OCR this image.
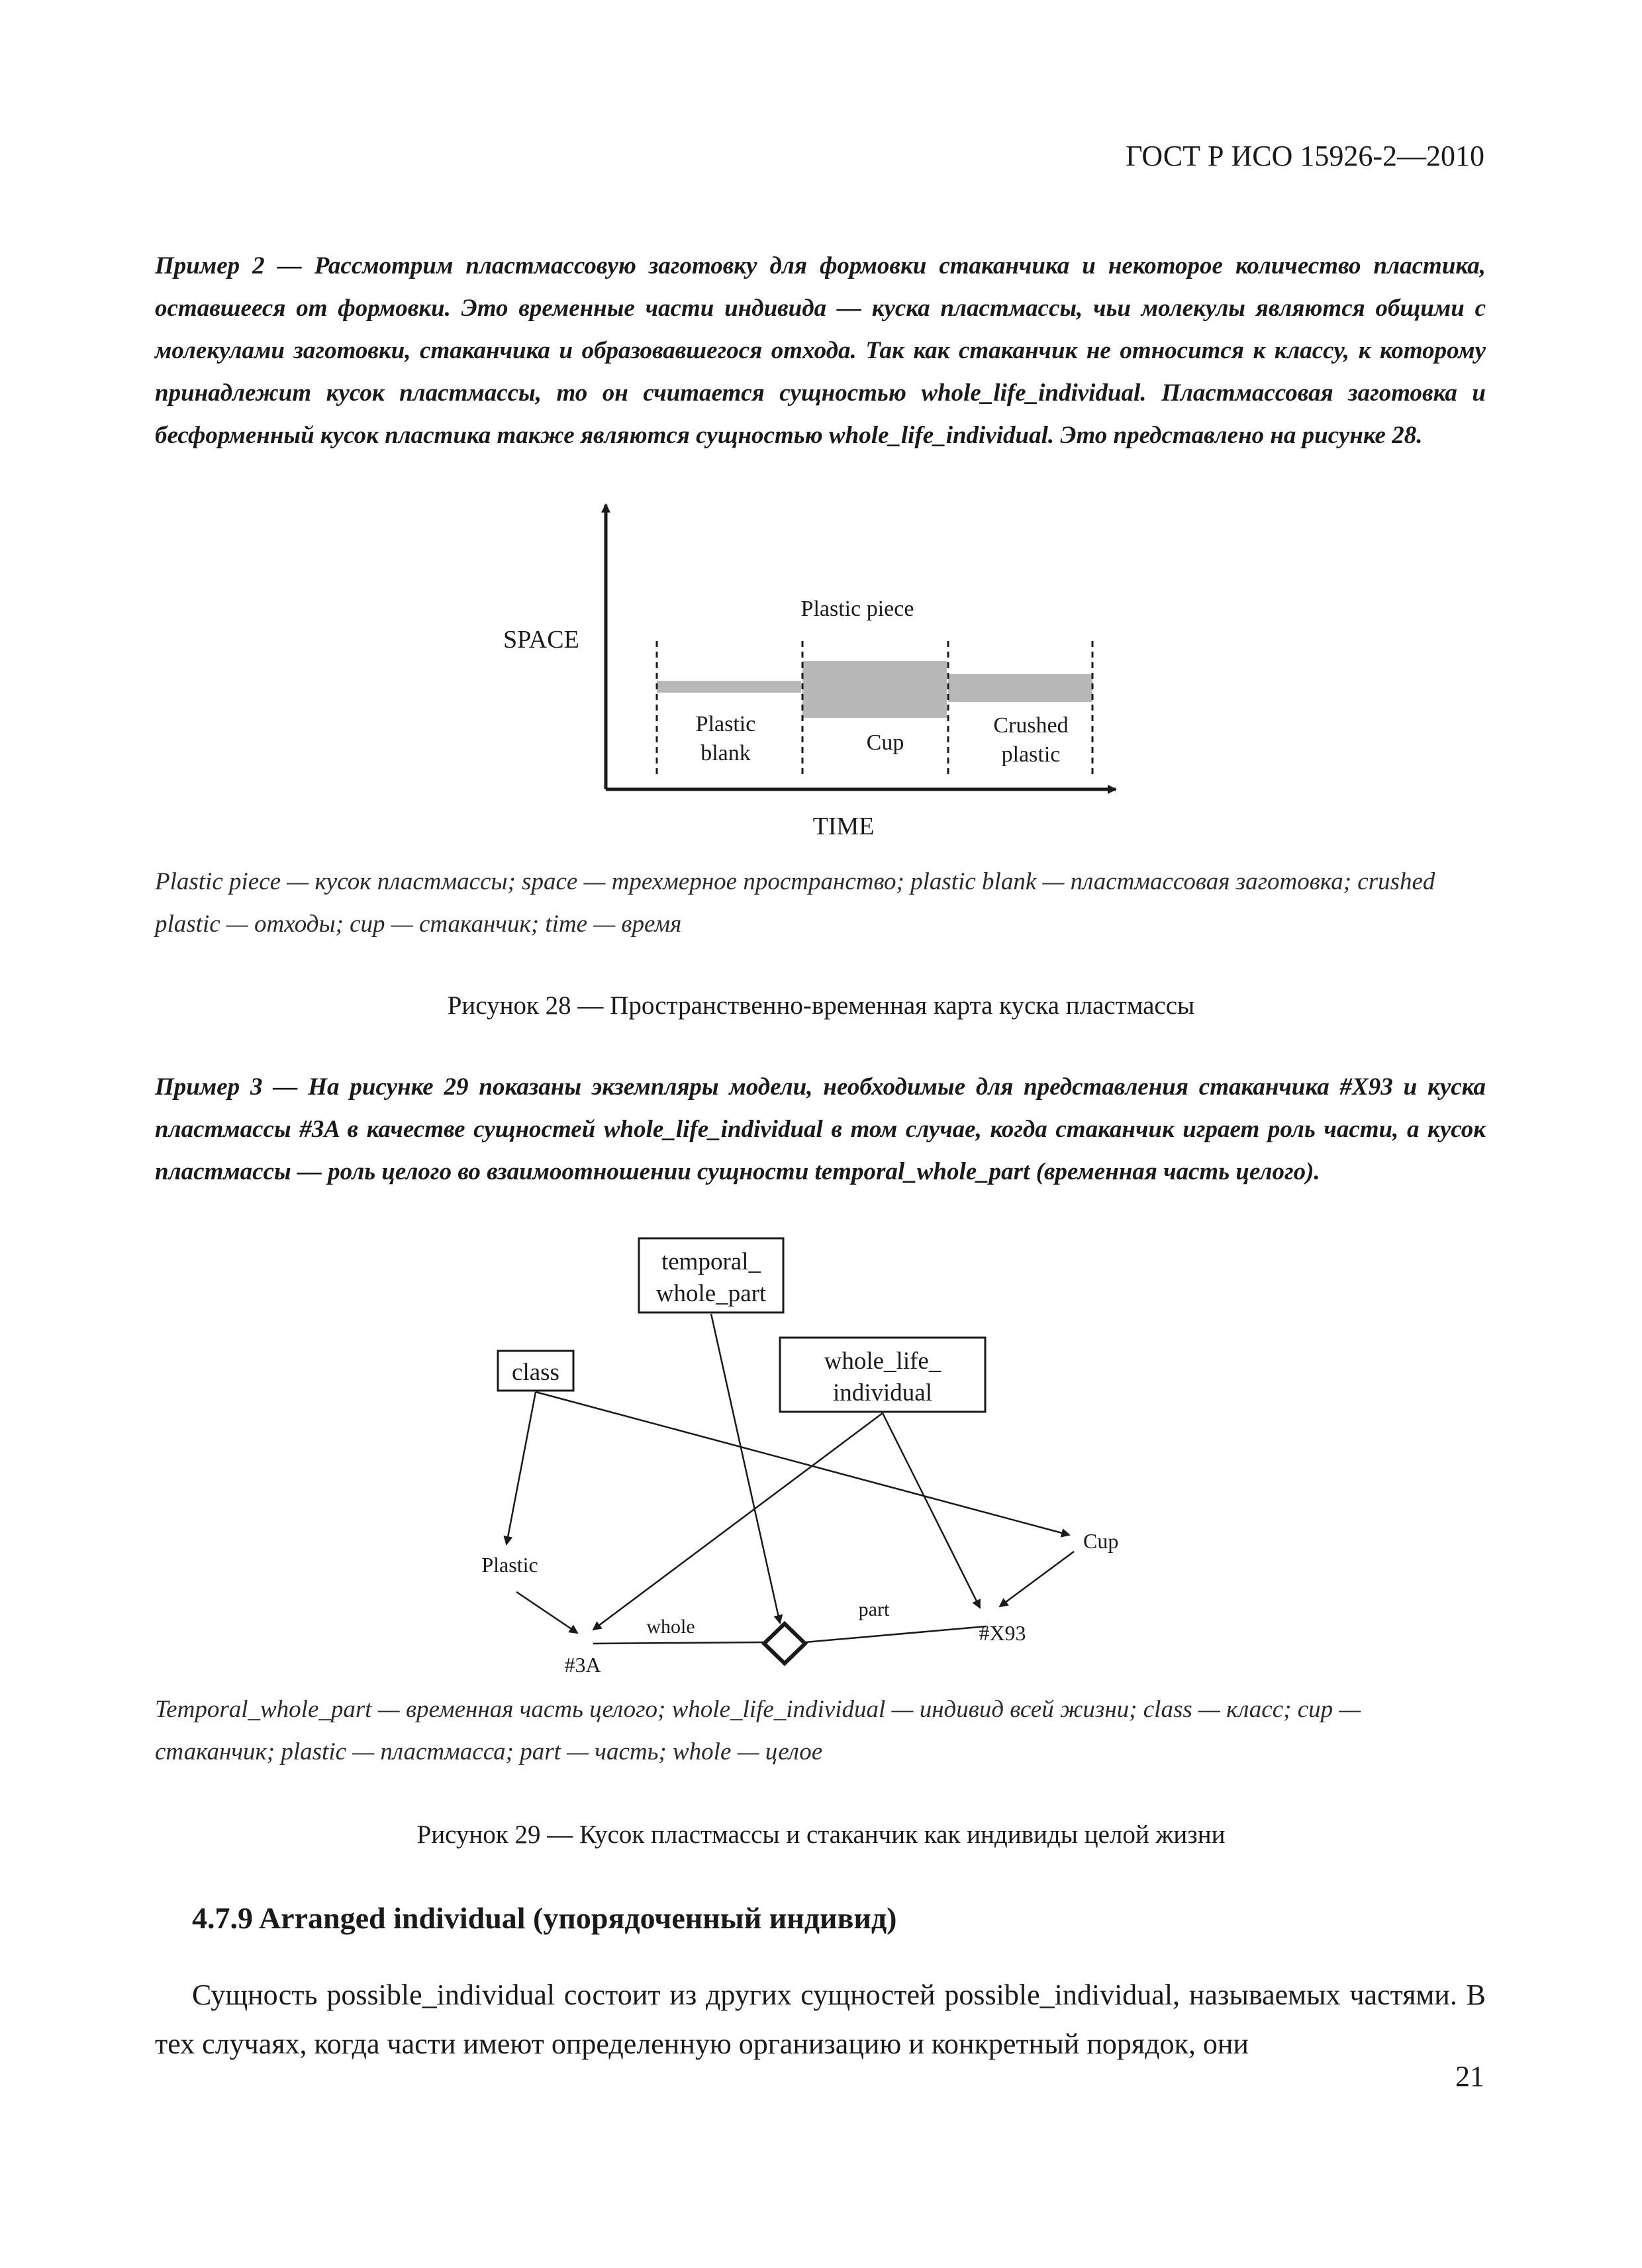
ГОСТ Р ИСО 15926-2—2010
Пример 2 — Рассмотрим пластмассовую заготовку для формовки стаканчика и некоторое количество пластика, оставшееся от формовки. Это временные части индивида — куска пластмассы, чьи молекулы являются общими с молекулами заготовки, стаканчика и образовавшегося отхода. Так как стаканчик не относится к классу, к которому принадлежит кусок пластмассы, то он считается сущностью whole_life_individual. Пластмассовая заготовка и бесформенный кусок пластика также являются сущностью whole_life_individual. Это представлено на рисунке 28.
SPACE
TIME
Plastic piece
Plastic
blank	Cup
Crushed
plastic
Plastic piece — кусок пластмассы; space — трехмерное пространство; plastic blank — пластмассовая заготовка; crushed plastic — отходы; cup — стаканчик; time — время
Рисунок 28 — Пространственно-временная карта куска пластмассы
Пример 3 — На рисунке 29 показаны экземпляры модели, необходимые для представления стаканчика #X93 и куска пластмассы #3A в качестве сущностей whole_life_individual в том случае, когда стаканчик играет роль части, а кусок пластмассы — роль целого во взаимоотношении сущности temporal_whole_part (временная часть целого).
temporal_
whole_part
class	whole_life_
individual
Plastic
Cup
whole
part
#3A
#X93
Temporal_whole_part — временная часть целого; whole_life_individual — индивид всей жизни; class — класс; cup — стаканчик; plastic — пластмасса; part — часть; whole — целое
Рисунок 29 — Кусок пластмассы и стаканчик как индивиды целой жизни
4.7.9 Arranged individual (упорядоченный индивид)
Сущность possible_individual состоит из других сущностей possible_individual, называемых частями. В тех случаях, когда части имеют определенную организацию и конкретный порядок, они
21
